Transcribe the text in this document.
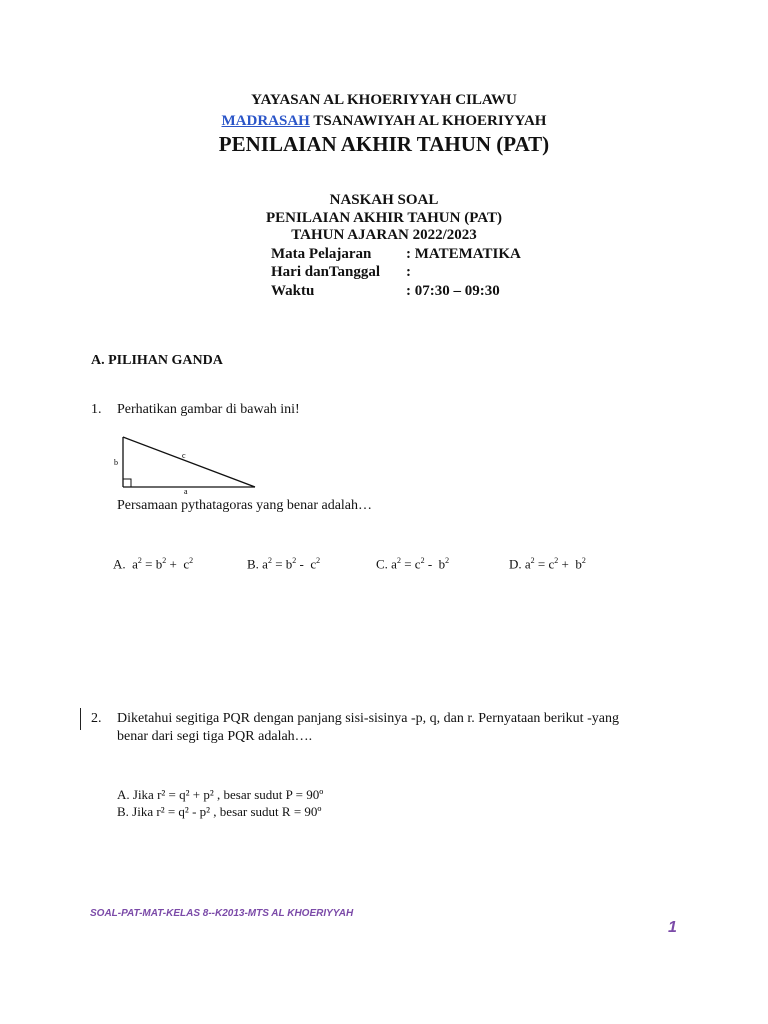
YAYASAN AL KHOERIYYAH CILAWU
MADRASAH TSANAWIYAH AL KHOERIYYAH
PENILAIAN AKHIR TAHUN (PAT)
NASKAH SOAL
PENILAIAN AKHIR TAHUN (PAT)
TAHUN AJARAN 2022/2023
Mata Pelajaran : MATEMATIKA
Hari danTanggal :
Waktu	: 07:30 – 09:30
A. PILIHAN GANDA
1. Perhatikan gambar di bawah ini!
b
c
a
Persamaan pythatagoras yang benar adalah…
A. $a^2 = b^2 + c^2$	B. $a^2 = b^2 - c^2$	C. $a^2 = c^2 - b^2$	D. $a^2 = c^2 + b^2$
2. Diketahui segitiga PQR dengan panjang sisi-sisinya -p, q, dan r. Pernyataan berikut -yang
benar dari segi tiga PQR adalah….
A. Jika r² = q² + p² , besar sudut P = 90º
B. Jika r² = q² - p² , besar sudut R = 90º
SOAL-PAT-MAT-KELAS 8--K2013-MTS AL KHOERIYYAH
1
